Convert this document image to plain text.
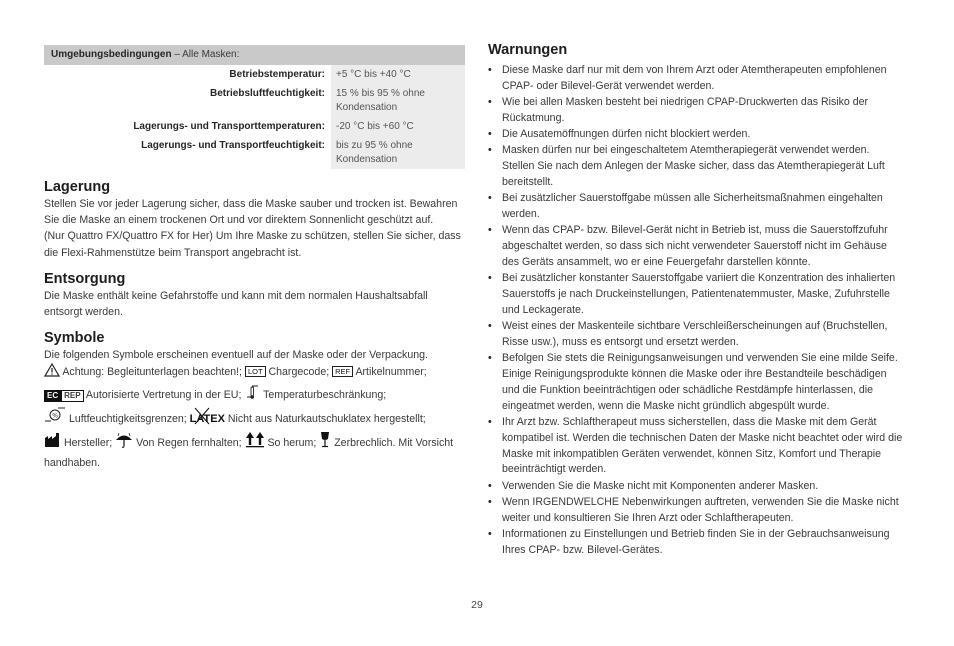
Umgebungsbedingungen – Alle Masken:	
Betriebstemperatur:	+5 °C bis +40 °C
Betriebsluftfeuchtigkeit:	15 % bis 95 % ohne Kondensation
Lagerungs- und Transporttemperaturen:	-20 °C bis +60 °C
Lagerungs- und Transportfeuchtigkeit:	bis zu 95 % ohne Kondensation
Lagerung

Stellen Sie vor jeder Lagerung sicher, dass die Maske sauber und trocken ist. Bewahren Sie die Maske an einem trockenen Ort und vor direktem Sonnenlicht geschützt auf.

(Nur Quattro FX/Quattro FX for Her) Um Ihre Maske zu schützen, stellen Sie sicher, dass die Flexi-Rahmenstütze beim Transport angebracht ist.

Entsorgung

Die Maske enthält keine Gefahrstoffe und kann mit dem normalen Haushaltsabfall entsorgt werden.

Symbole

Die folgenden Symbole erscheinen eventuell auf der Maske oder der Verpackung.

Achtung: Begleitunterlagen beachten!; LOT Chargecode; REF Artikelnummer;
EC REP Autorisierte Vertretung in der EU;  Temperaturbeschränkung;

% Luftfeuchtigkeitsgrenzen; LATEX
Nicht aus Naturkautschuklatex hergestellt;
Hersteller;  Von Regen fernhalten;  So herum;  Zerbrechlich. Mit Vorsicht handhaben.

Warnungen
• Diese Maske darf nur mit dem von Ihrem Arzt oder Atemtherapeuten empfohlenen CPAP- oder Bilevel-Gerät verwendet werden.
• Wie bei allen Masken besteht bei niedrigen CPAP-Druckwerten das Risiko der Rückatmung.
• Die Ausatemöffnungen dürfen nicht blockiert werden.
• Masken dürfen nur bei eingeschaltetem Atemtherapiegerät verwendet werden. Stellen Sie nach dem Anlegen der Maske sicher, dass das Atemtherapiegerät Luft bereitstellt.
• Bei zusätzlicher Sauerstoffgabe müssen alle Sicherheitsmaßnahmen eingehalten werden.
• Wenn das CPAP- bzw. Bilevel-Gerät nicht in Betrieb ist, muss die Sauerstoffzufuhr abgeschaltet werden, so dass sich nicht verwendeter Sauerstoff nicht im Gehäuse des Geräts ansammelt, wo er eine Feuergefahr darstellen könnte.
• Bei zusätzlicher konstanter Sauerstoffgabe variiert die Konzentration des inhalierten Sauerstoffs je nach Druckeinstellungen, Patientenatemmuster, Maske, Zufuhrstelle und Leckagerate.
• Weist eines der Maskenteile sichtbare Verschleißerscheinungen auf (Bruchstellen, Risse usw.), muss es entsorgt und ersetzt werden.
• Befolgen Sie stets die Reinigungsanweisungen und verwenden Sie eine milde Seife. Einige Reinigungsprodukte können die Maske oder ihre Bestandteile beschädigen und die Funktion beeinträchtigen oder schädliche Restdämpfe hinterlassen, die eingeatmet werden, wenn die Maske nicht gründlich abgespült wurde.
• Ihr Arzt bzw. Schlaftherapeut muss sicherstellen, dass die Maske mit dem Gerät kompatibel ist. Werden die technischen Daten der Maske nicht beachtet oder wird die Maske mit inkompatiblen Geräten verwendet, können Sitz, Komfort und Therapie beeinträchtigt werden.
• Verwenden Sie die Maske nicht mit Komponenten anderer Masken.
• Wenn IRGENDWELCHE Nebenwirkungen auftreten, verwenden Sie die Maske nicht weiter und konsultieren Sie Ihren Arzt oder Schlaftherapeuten.
• Informationen zu Einstellungen und Betrieb finden Sie in der Gebrauchsanweisung Ihres CPAP- bzw. Bilevel-Gerätes.
29
